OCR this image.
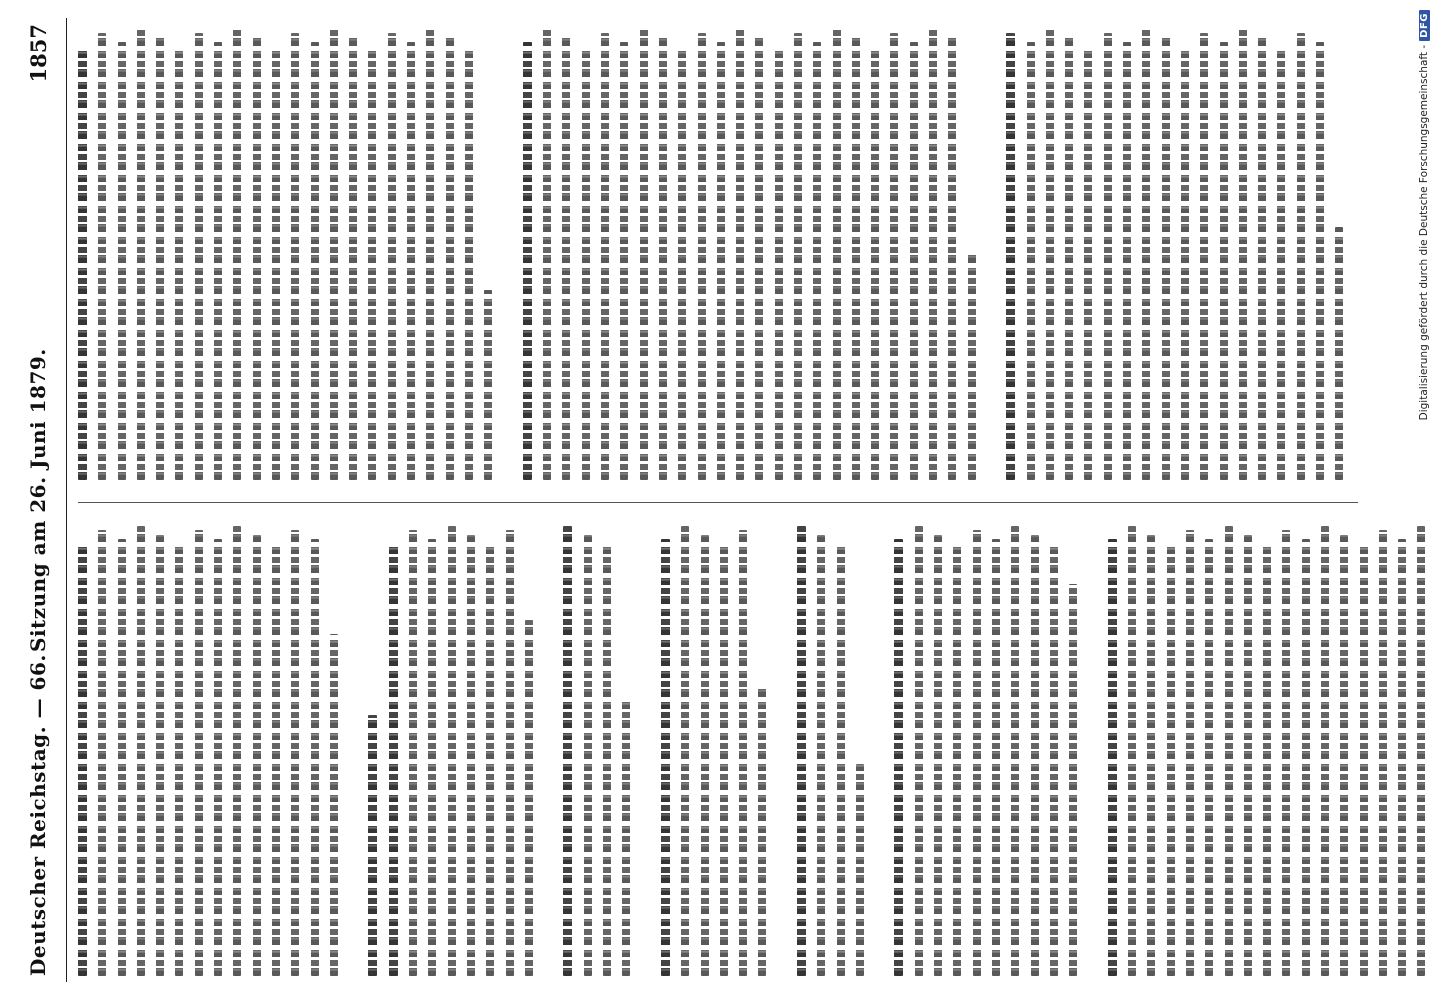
Deutscher Reichstag. — 66.
Sitzung am 26. Juni 1879.
1857	Digitalisierung gefördert durch die Deutsche Forschungsgemeinschaft -
DFG
